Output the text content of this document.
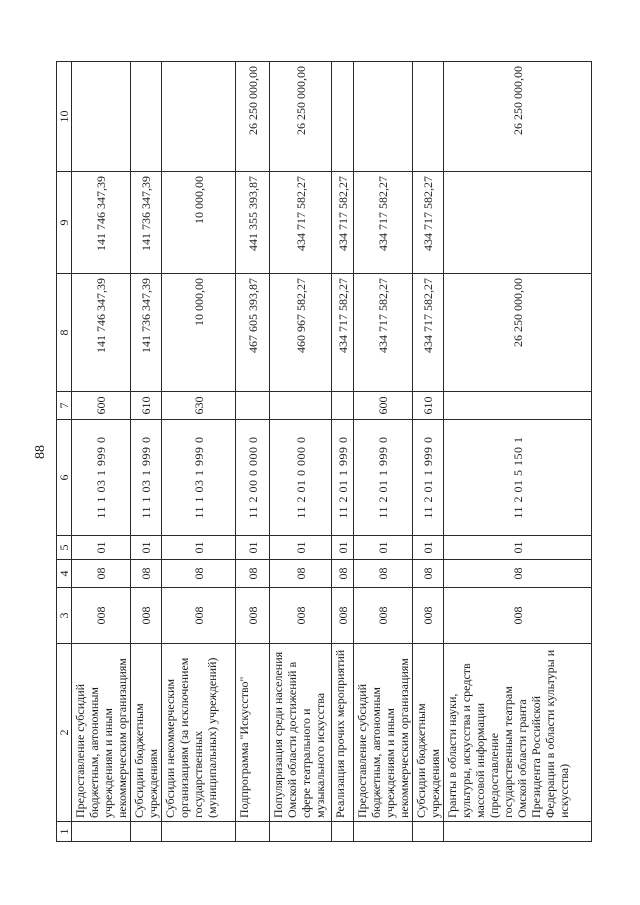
88
1	2	3	4	5	6	7	8	9	10
	Предоставление субсидий бюджетным, автономным учреждениям и иным некоммерческим организациям	008	08	01	11 1 03 1 999 0	600	141 746 347,39	141 746 347,39	
	Субсидии бюджетным учреждениям	008	08	01	11 1 03 1 999 0	610	141 736 347,39	141 736 347,39	
	Субсидии некоммерческим организациям (за исключением государственных (муниципальных) учреждений)	008	08	01	11 1 03 1 999 0	630	10 000,00	10 000,00	
	Подпрограмма "Искусство"	008	08	01	11 2 00 0 000 0		467 605 393,87	441 355 393,87	26 250 000,00
	Популяризация среди населения Омской области достижений в сфере театрального и музыкального искусства	008	08	01	11 2 01 0 000 0		460 967 582,27	434 717 582,27	26 250 000,00
	Реализация прочих мероприятий	008	08	01	11 2 01 1 999 0		434 717 582,27	434 717 582,27	
	Предоставление субсидий бюджетным, автономным учреждениям и иным некоммерческим организациям	008	08	01	11 2 01 1 999 0	600	434 717 582,27	434 717 582,27	
	Субсидии бюджетным учреждениям	008	08	01	11 2 01 1 999 0	610	434 717 582,27	434 717 582,27	
	Гранты в области науки, культуры, искусства и средств массовой информации (предоставление государственным театрам Омской области гранта Президента Российской Федерации в области культуры и искусства)	008	08	01	11 2 01 5 150 1		26 250 000,00		26 250 000,00
